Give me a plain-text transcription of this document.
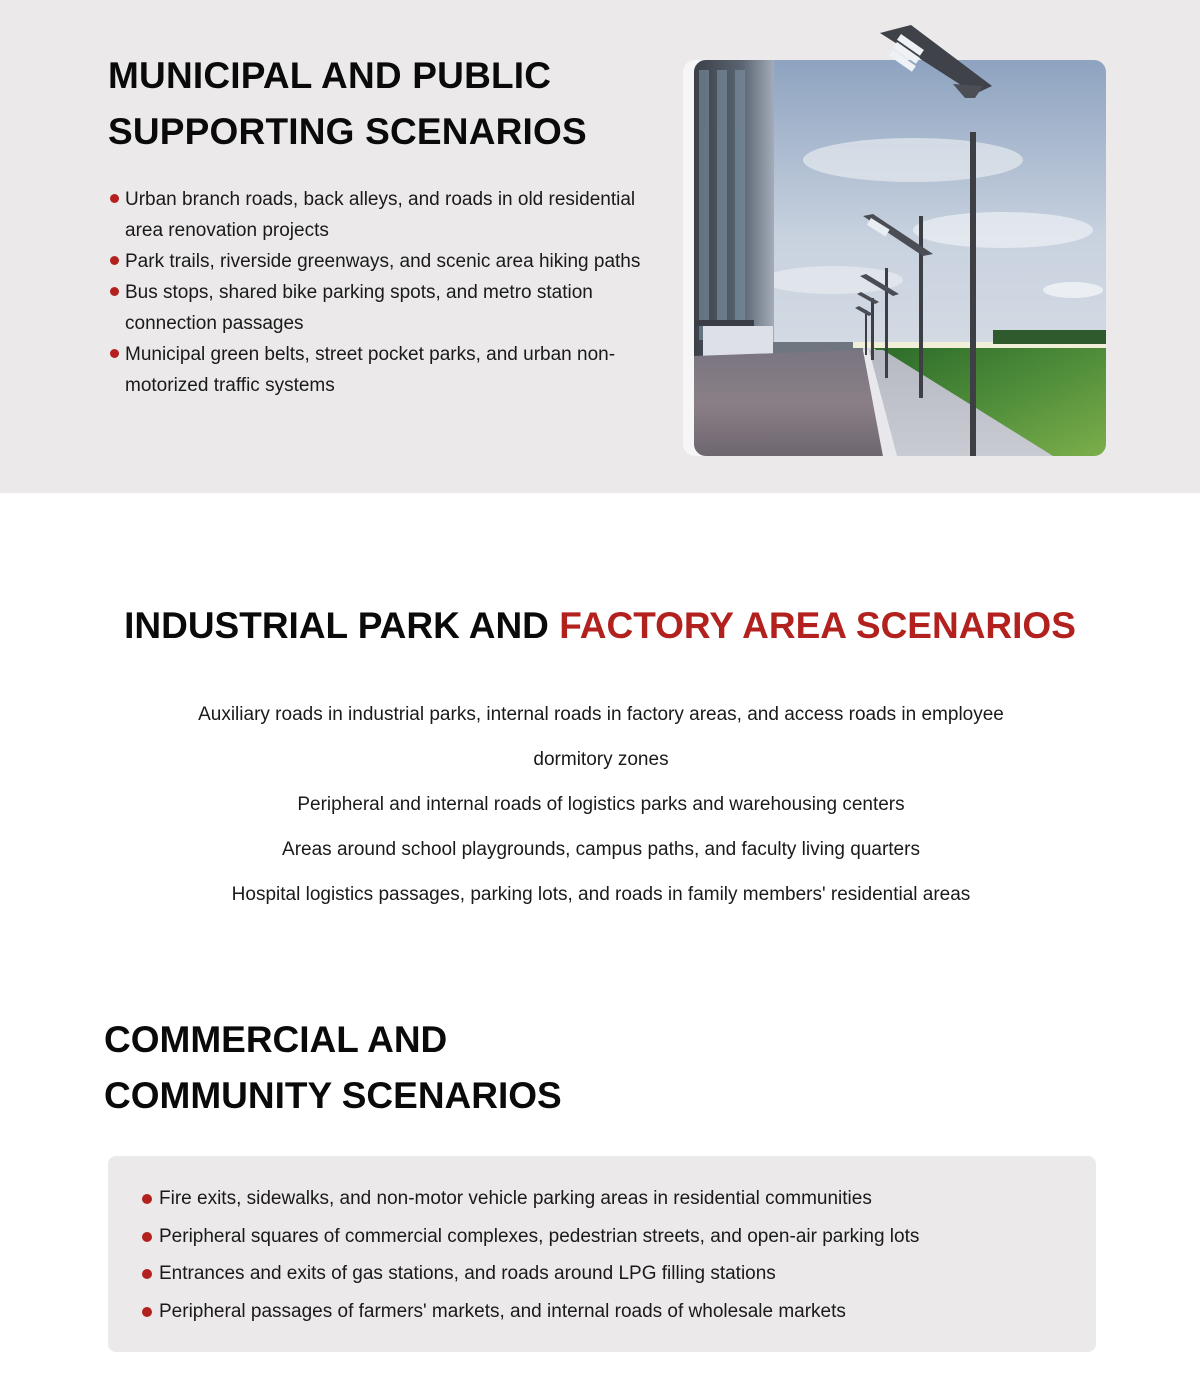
MUNICIPAL AND PUBLIC
SUPPORTING SCENARIOS
Urban branch roads, back alleys, and roads in old residential area renovation projects
Park trails, riverside greenways, and scenic area hiking paths
Bus stops, shared bike parking spots, and metro station connection passages
Municipal green belts, street pocket parks, and urban non-motorized traffic systems
INDUSTRIAL PARK AND FACTORY AREA SCENARIOS
Auxiliary roads in industrial parks, internal roads in factory areas, and access roads in employee
dormitory zones
Peripheral and internal roads of logistics parks and warehousing centers
Areas around school playgrounds, campus paths, and faculty living quarters
Hospital logistics passages, parking lots, and roads in family members' residential areas
COMMERCIAL AND
COMMUNITY SCENARIOS
Fire exits, sidewalks, and non-motor vehicle parking areas in residential communities
Peripheral squares of commercial complexes, pedestrian streets, and open-air parking lots
Entrances and exits of gas stations, and roads around LPG filling stations
Peripheral passages of farmers' markets, and internal roads of wholesale markets
